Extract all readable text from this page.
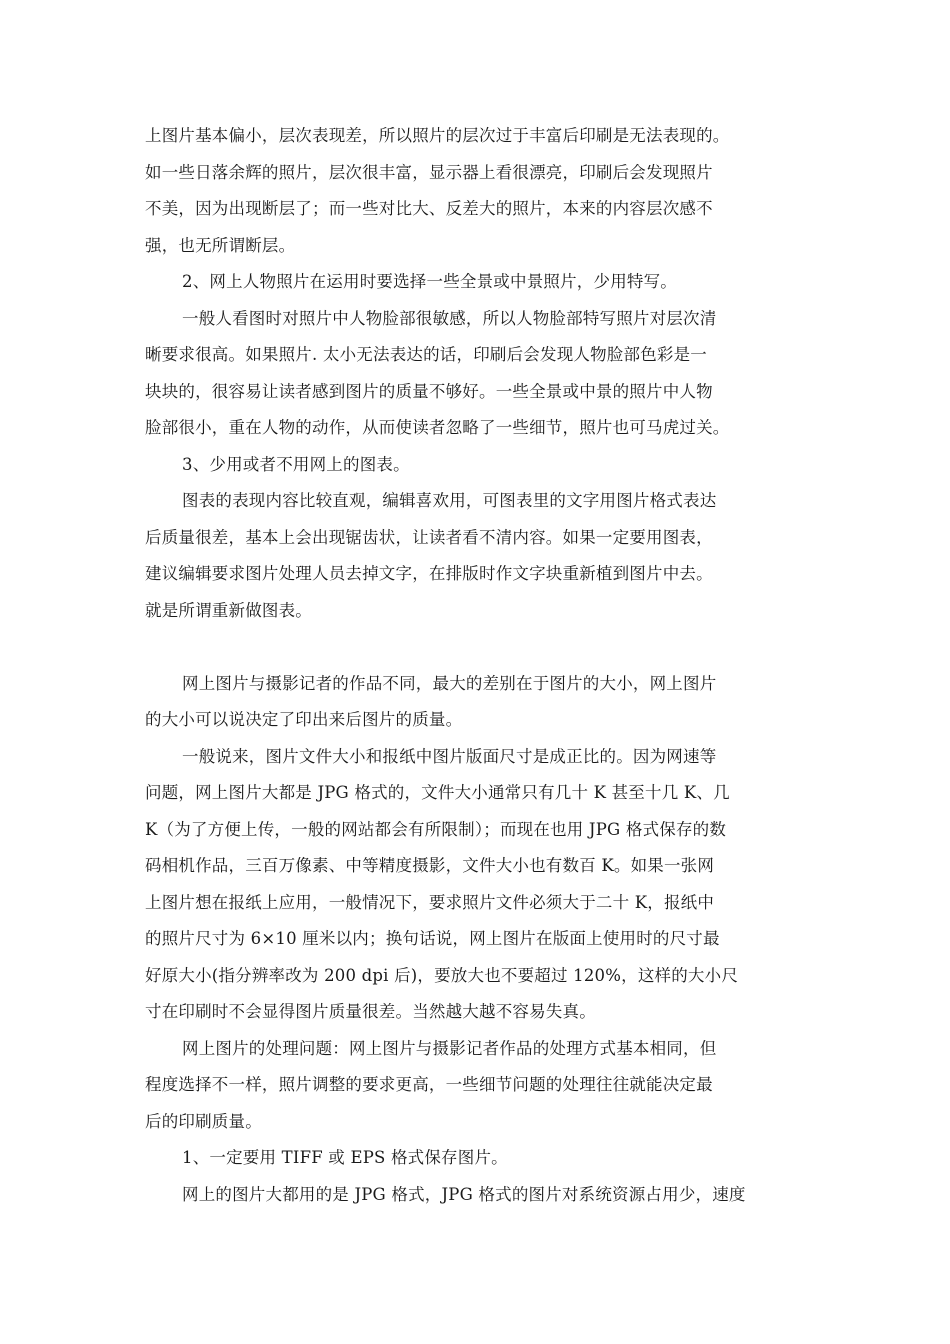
上图片基本偏小，层次表现差，所以照片的层次过于丰富后印刷是无法表现的。
如一些日落余辉的照片，层次很丰富，显示器上看很漂亮，印刷后会发现照片
不美，因为出现断层了；而一些对比大、反差大的照片，本来的内容层次感不
强，也无所谓断层。

2、网上人物照片在运用时要选择一些全景或中景照片，少用特写。

一般人看图时对照片中人物脸部很敏感，所以人物脸部特写照片对层次清
晰要求很高。如果照片. 太小无法表达的话，印刷后会发现人物脸部色彩是一
块块的，很容易让读者感到图片的质量不够好。一些全景或中景的照片中人物
脸部很小，重在人物的动作，从而使读者忽略了一些细节，照片也可马虎过关。

3、少用或者不用网上的图表。

图表的表现内容比较直观，编辑喜欢用，可图表里的文字用图片格式表达
后质量很差，基本上会出现锯齿状，让读者看不清内容。如果一定要用图表，
建议编辑要求图片处理人员去掉文字，在排版时作文字块重新植到图片中去。
就是所谓重新做图表。

网上图片与摄影记者的作品不同，最大的差别在于图片的大小，网上图片
的大小可以说决定了印出来后图片的质量。

一般说来，图片文件大小和报纸中图片版面尺寸是成正比的。因为网速等
问题，网上图片大都是 JPG 格式的，文件大小通常只有几十 K 甚至十几 K、几
K（为了方便上传，一般的网站都会有所限制）；而现在也用 JPG 格式保存的数
码相机作品，三百万像素、中等精度摄影，文件大小也有数百 K。如果一张网
上图片想在报纸上应用，一般情况下，要求照片文件必须大于二十 K，报纸中
的照片尺寸为 6×10 厘米以内；换句话说，网上图片在版面上使用时的尺寸最
好原大小(指分辨率改为 200 dpi 后)，要放大也不要超过 120%，这样的大小尺
寸在印刷时不会显得图片质量很差。当然越大越不容易失真。

网上图片的处理问题：网上图片与摄影记者作品的处理方式基本相同，但
程度选择不一样，照片调整的要求更高，一些细节问题的处理往往就能决定最
后的印刷质量。

1、一定要用 TIFF 或 EPS 格式保存图片。

网上的图片大都用的是 JPG 格式，JPG 格式的图片对系统资源占用少，速度
